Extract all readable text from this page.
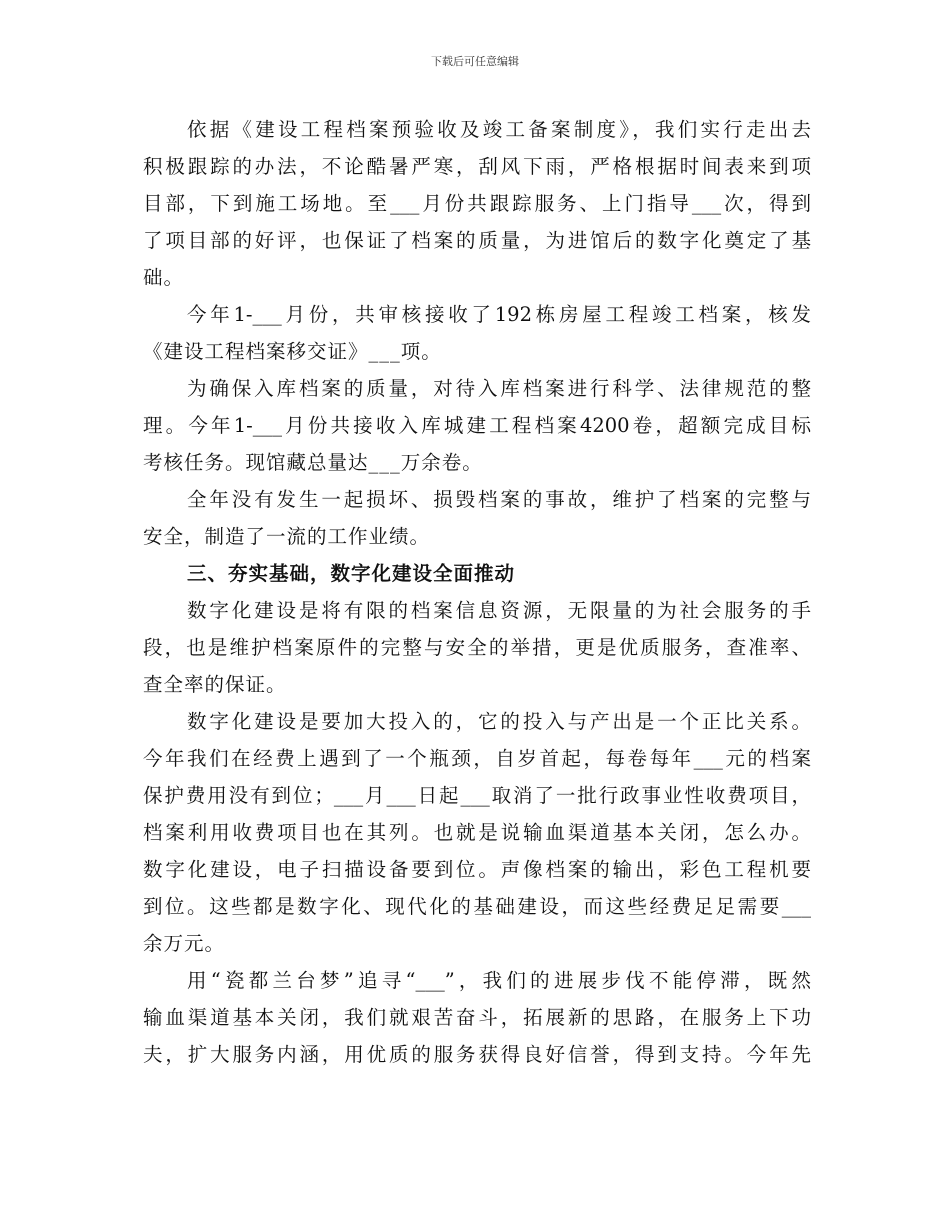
下载后可任意编辑
依据《建设工程档案预验收及竣工备案制度》，我们实行走出去
积极跟踪的办法，不论酷暑严寒，刮风下雨，严格根据时间表来到项
目部，下到施工场地。至___月份共跟踪服务、上门指导___次，得到
了项目部的好评，也保证了档案的质量，为进馆后的数字化奠定了基
础。
今年1-___月份，共审核接收了192栋房屋工程竣工档案，核发
《建设工程档案移交证》___项。
为确保入库档案的质量，对待入库档案进行科学、法律规范的整
理。今年1-___月份共接收入库城建工程档案4200卷，超额完成目标
考核任务。现馆藏总量达___万余卷。
全年没有发生一起损坏、损毁档案的事故，维护了档案的完整与
安全，制造了一流的工作业绩。
三、夯实基础，数字化建设全面推动
数字化建设是将有限的档案信息资源，无限量的为社会服务的手
段，也是维护档案原件的完整与安全的举措，更是优质服务，查准率、
查全率的保证。
数字化建设是要加大投入的，它的投入与产出是一个正比关系。
今年我们在经费上遇到了一个瓶颈，自岁首起，每卷每年___元的档案
保护费用没有到位；___月___日起___取消了一批行政事业性收费项目，
档案利用收费项目也在其列。也就是说输血渠道基本关闭，怎么办。
数字化建设，电子扫描设备要到位。声像档案的输出，彩色工程机要
到位。这些都是数字化、现代化的基础建设，而这些经费足足需要___
余万元。
用“瓷都兰台梦”追寻“___”，我们的进展步伐不能停滞，既然
输血渠道基本关闭，我们就艰苦奋斗，拓展新的思路，在服务上下功
夫，扩大服务内涵，用优质的服务获得良好信誉，得到支持。今年先
